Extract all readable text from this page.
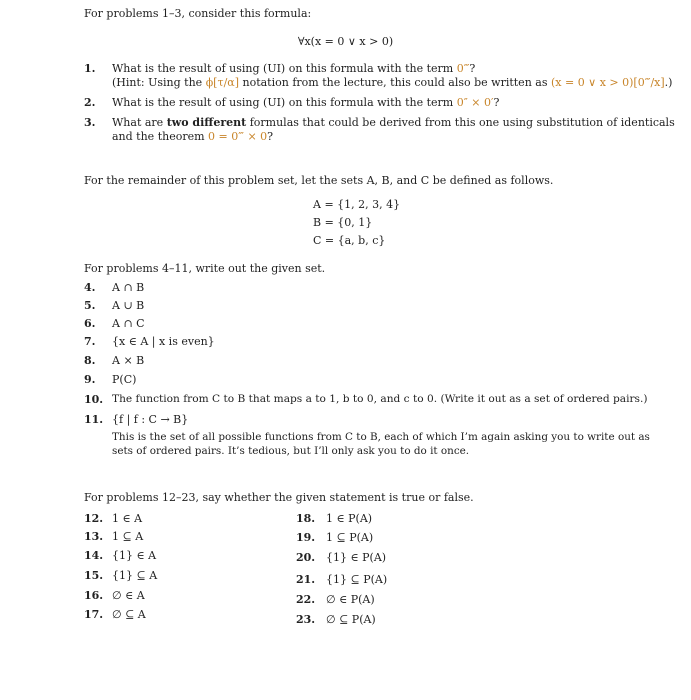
For problems 1–3, consider this formula:
∀x(x = 0 ∨ x > 0)
1. What is the result of using (UI) on this formula with the term 0‴?
(Hint: Using the ϕ[τ/α] notation from the lecture, this could also be written as (x = 0 ∨ x > 0)[0‴/x].)
2. What is the result of using (UI) on this formula with the term 0″ × 0′?
3. What are two different formulas that could be derived from this one using substitution of identicals
and the theorem 0 = 0‴ × 0?
For the remainder of this problem set, let the sets A, B, and C be defined as follows.
A = {1, 2, 3, 4}
B = {0, 1}
C = {a, b, c}
For problems 4–11, write out the given set.
4. A ∩ B
5. A ∪ B
6. A ∩ C
7. {x ∈ A | x is even}
8. A × B
9. P(C)
10. The function from C to B that maps a to 1, b to 0, and c to 0. (Write it out as a set of ordered pairs.)
11. {f | f : C → B}
This is the set of all possible functions from C to B, each of which I’m again asking you to write out as
sets of ordered pairs. It’s tedious, but I’ll only ask you to do it once.
For problems 12–23, say whether the given statement is true or false.
12. 1 ∈ A
13. 1 ⊆ A
14. {1} ∈ A
15. {1} ⊆ A
16. ∅ ∈ A
17. ∅ ⊆ A
18. 1 ∈ P(A)
19. 1 ⊆ P(A)
20. {1} ∈ P(A)
21. {1} ⊆ P(A)
22. ∅ ∈ P(A)
23. ∅ ⊆ P(A)
